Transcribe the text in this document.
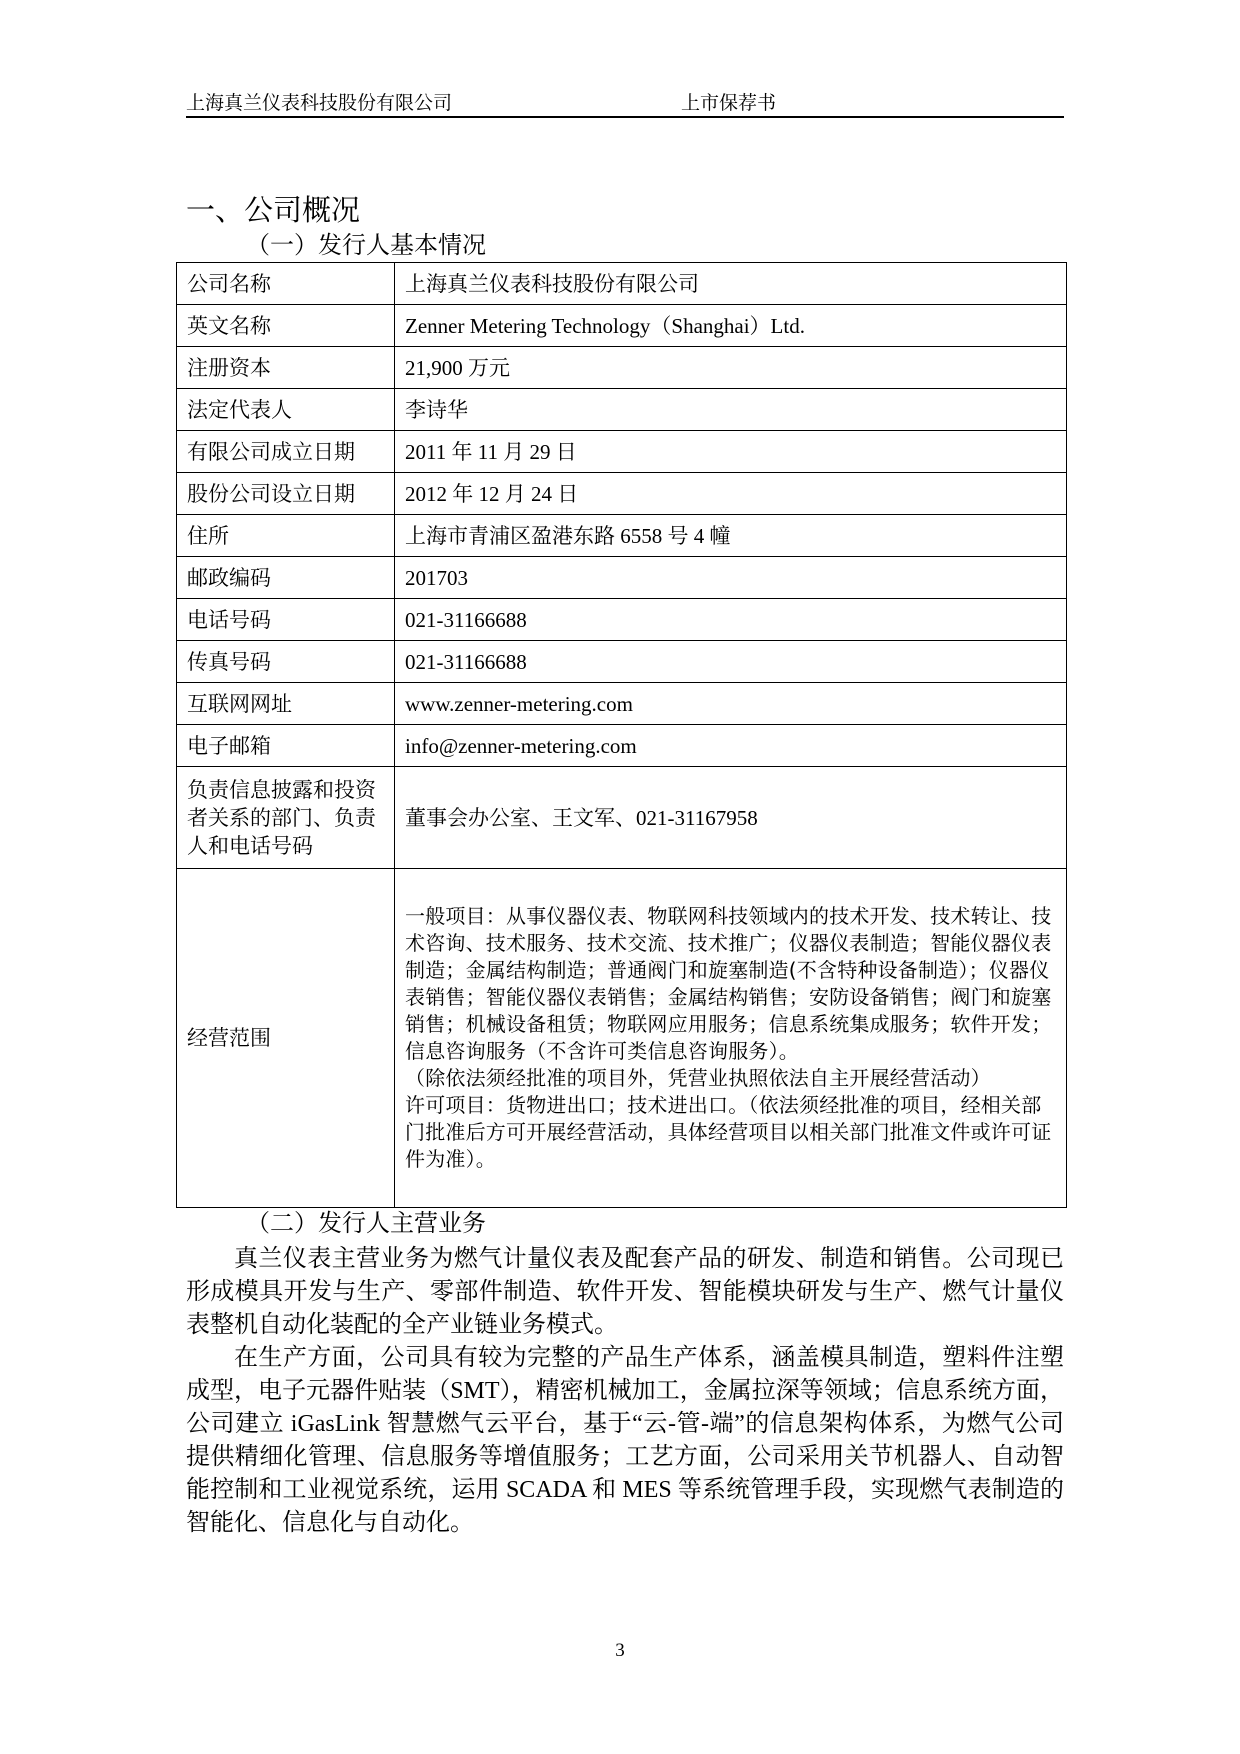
上海真兰仪表科技股份有限公司	上市保荐书
一、公司概况
（一）发行人基本情况
公司名称	上海真兰仪表科技股份有限公司
英文名称	Zenner Metering Technology（Shanghai）Ltd.
注册资本	21,900 万元
法定代表人	李诗华
有限公司成立日期	2011 年 11 月 29 日
股份公司设立日期	2012 年 12 月 24 日
住所	上海市青浦区盈港东路 6558 号 4 幢
邮政编码	201703
电话号码	021-31166688
传真号码	021-31166688
互联网网址	www.zenner-metering.com
电子邮箱	info@zenner-metering.com
负责信息披露和投资者关系的部门、负责人和电话号码	董事会办公室、王文军、021-31167958
经营范围	一般项目：从事仪器仪表、物联网科技领域内的技术开发、技术转让、技术咨询、技术服务、技术交流、技术推广；仪器仪表制造；智能仪器仪表制造；金属结构制造；普通阀门和旋塞制造(不含特种设备制造）；仪器仪表销售；智能仪器仪表销售；金属结构销售；安防设备销售；阀门和旋塞销售；机械设备租赁；物联网应用服务；信息系统集成服务；软件开发；信息咨询服务（不含许可类信息咨询服务）。
（除依法须经批准的项目外，凭营业执照依法自主开展经营活动）
许可项目：货物进出口；技术进出口。（依法须经批准的项目，经相关部门批准后方可开展经营活动，具体经营项目以相关部门批准文件或许可证件为准）。
（二）发行人主营业务

真兰仪表主营业务为燃气计量仪表及配套产品的研发、制造和销售。公司现已形成模具开发与生产、零部件制造、软件开发、智能模块研发与生产、燃气计量仪表整机自动化装配的全产业链业务模式。

在生产方面，公司具有较为完整的产品生产体系，涵盖模具制造，塑料件注塑成型，电子元器件贴装（SMT），精密机械加工，金属拉深等领域；信息系统方面，公司建立 iGasLink 智慧燃气云平台，基于“云-管-端”的信息架构体系，为燃气公司提供精细化管理、信息服务等增值服务；工艺方面，公司采用关节机器人、自动智能控制和工业视觉系统，运用 SCADA 和 MES 等系统管理手段，实现燃气表制造的智能化、信息化与自动化。

3
